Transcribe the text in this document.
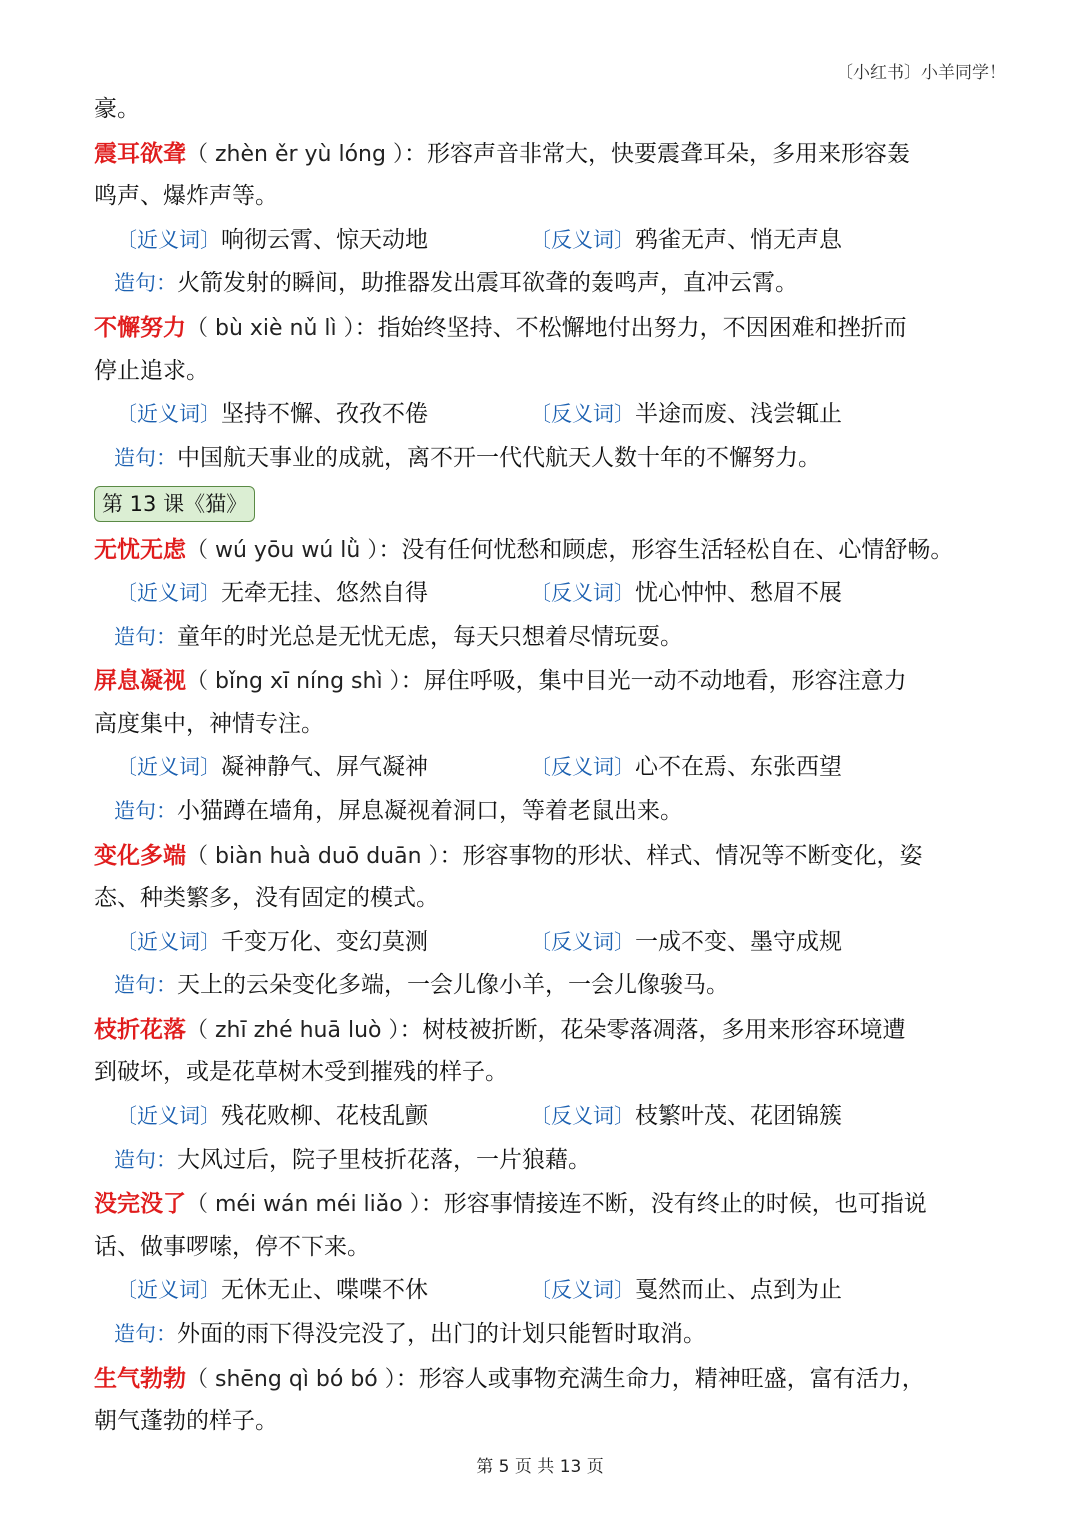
〔小红书〕小羊同学！
豪。
震耳欲聋（ zhèn ěr yù lóng ）：形容声音非常大，快要震聋耳朵，多用来形容轰
鸣声、爆炸声等。
〔近义词〕响彻云霄、惊天动地	〔反义词〕鸦雀无声、悄无声息
造句：火箭发射的瞬间，助推器发出震耳欲聋的轰鸣声，直冲云霄。
不懈努力（ bù xiè nǔ lì ）：指始终坚持、不松懈地付出努力，不因困难和挫折而
停止追求。
〔近义词〕坚持不懈、孜孜不倦	〔反义词〕半途而废、浅尝辄止
造句：中国航天事业的成就，离不开一代代航天人数十年的不懈努力。
第 13 课《猫》
无忧无虑（ wú yōu wú lǜ ）：没有任何忧愁和顾虑，形容生活轻松自在、心情舒畅。
〔近义词〕无牵无挂、悠然自得	〔反义词〕忧心忡忡、愁眉不展
造句：童年的时光总是无忧无虑，每天只想着尽情玩耍。
屏息凝视（ bǐng xī níng shì ）：屏住呼吸，集中目光一动不动地看，形容注意力
高度集中，神情专注。
〔近义词〕凝神静气、屏气凝神	〔反义词〕心不在焉、东张西望
造句：小猫蹲在墙角，屏息凝视着洞口，等着老鼠出来。
变化多端（ biàn huà duō duān ）：形容事物的形状、样式、情况等不断变化，姿
态、种类繁多，没有固定的模式。
〔近义词〕千变万化、变幻莫测	〔反义词〕一成不变、墨守成规
造句：天上的云朵变化多端，一会儿像小羊，一会儿像骏马。
枝折花落（ zhī zhé huā luò ）：树枝被折断，花朵零落凋落，多用来形容环境遭
到破坏，或是花草树木受到摧残的样子。
〔近义词〕残花败柳、花枝乱颤	〔反义词〕枝繁叶茂、花团锦簇
造句：大风过后，院子里枝折花落，一片狼藉。
没完没了（ méi wán méi liǎo ）：形容事情接连不断，没有终止的时候，也可指说
话、做事啰嗦，停不下来。
〔近义词〕无休无止、喋喋不休	〔反义词〕戛然而止、点到为止
造句：外面的雨下得没完没了，出门的计划只能暂时取消。
生气勃勃（ shēng qì bó bó ）：形容人或事物充满生命力，精神旺盛，富有活力，
朝气蓬勃的样子。
第 5 页 共 13 页
